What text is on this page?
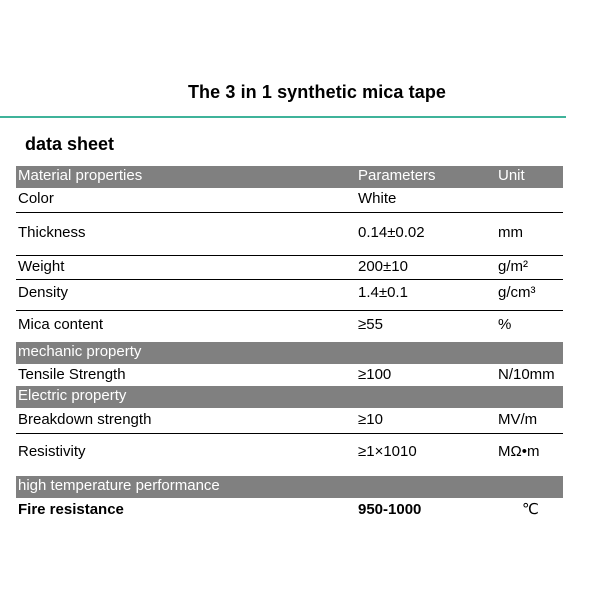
The 3 in 1 synthetic mica tape
data sheet
Material properties	Parameters	Unit
Color	White
Thickness	0.14±0.02	mm
Weight	200±10	g/m²
Density	1.4±0.1	g/cm³
Mica content	≥55	%
mechanic property
Tensile Strength	≥100	N/10mm
Electric property
Breakdown strength	≥10	MV/m
Resistivity	≥1×1010	MΩ•m
high temperature performance
Fire resistance	950-1000	℃
